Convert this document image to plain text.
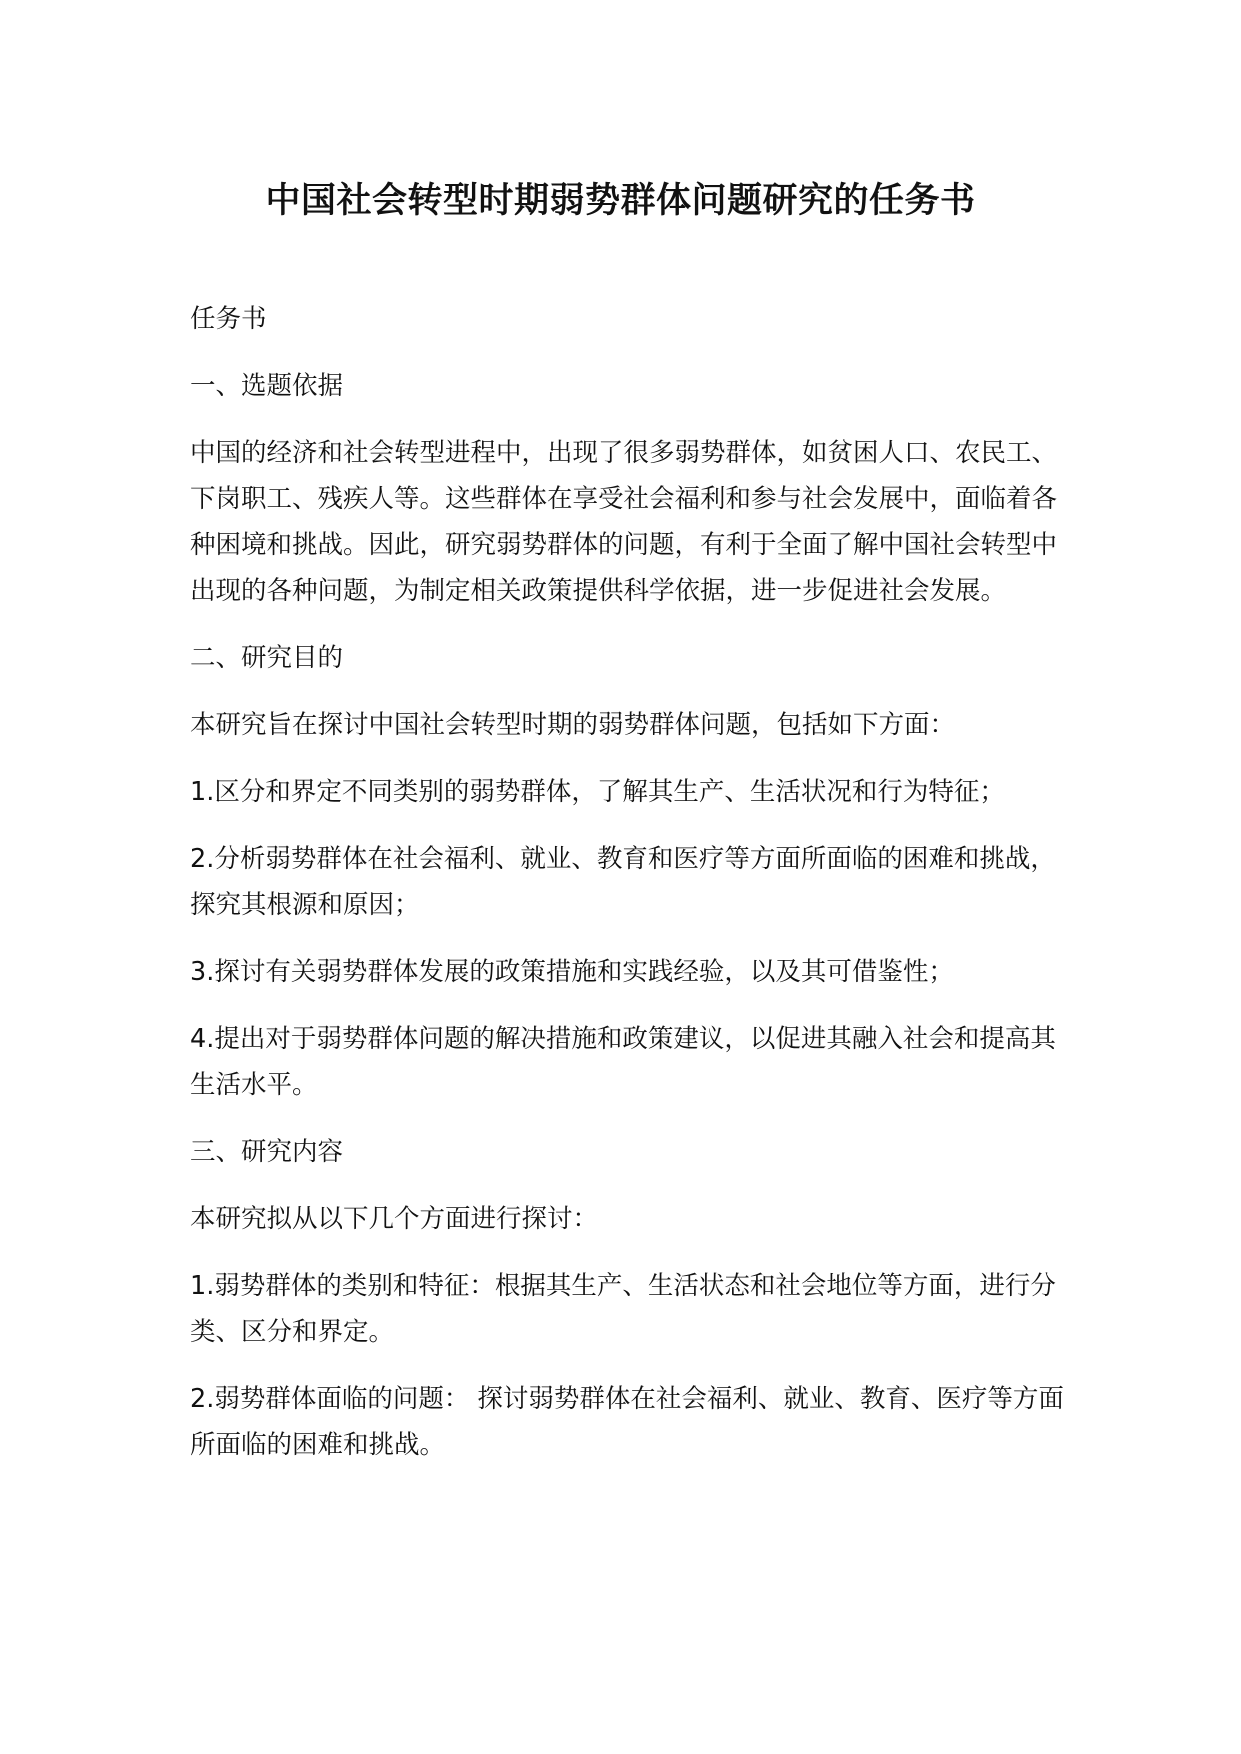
中国社会转型时期弱势群体问题研究的任务书

任务书

一、选题依据

中国的经济和社会转型进程中，出现了很多弱势群体，如贫困人口、农民工、下岗职工、残疾人等。这些群体在享受社会福利和参与社会发展中，面临着各种困境和挑战。因此，研究弱势群体的问题，有利于全面了解中国社会转型中出现的各种问题，为制定相关政策提供科学依据，进一步促进社会发展。

二、研究目的

本研究旨在探讨中国社会转型时期的弱势群体问题，包括如下方面：

1.区分和界定不同类别的弱势群体，了解其生产、生活状况和行为特征；

2.分析弱势群体在社会福利、就业、教育和医疗等方面所面临的困难和挑战，探究其根源和原因；

3.探讨有关弱势群体发展的政策措施和实践经验，以及其可借鉴性；

4.提出对于弱势群体问题的解决措施和政策建议，以促进其融入社会和提高其生活水平。

三、研究内容

本研究拟从以下几个方面进行探讨：

1.弱势群体的类别和特征：根据其生产、生活状态和社会地位等方面，进行分类、区分和界定。

2.弱势群体面临的问题： 探讨弱势群体在社会福利、就业、教育、医疗等方面所面临的困难和挑战。
